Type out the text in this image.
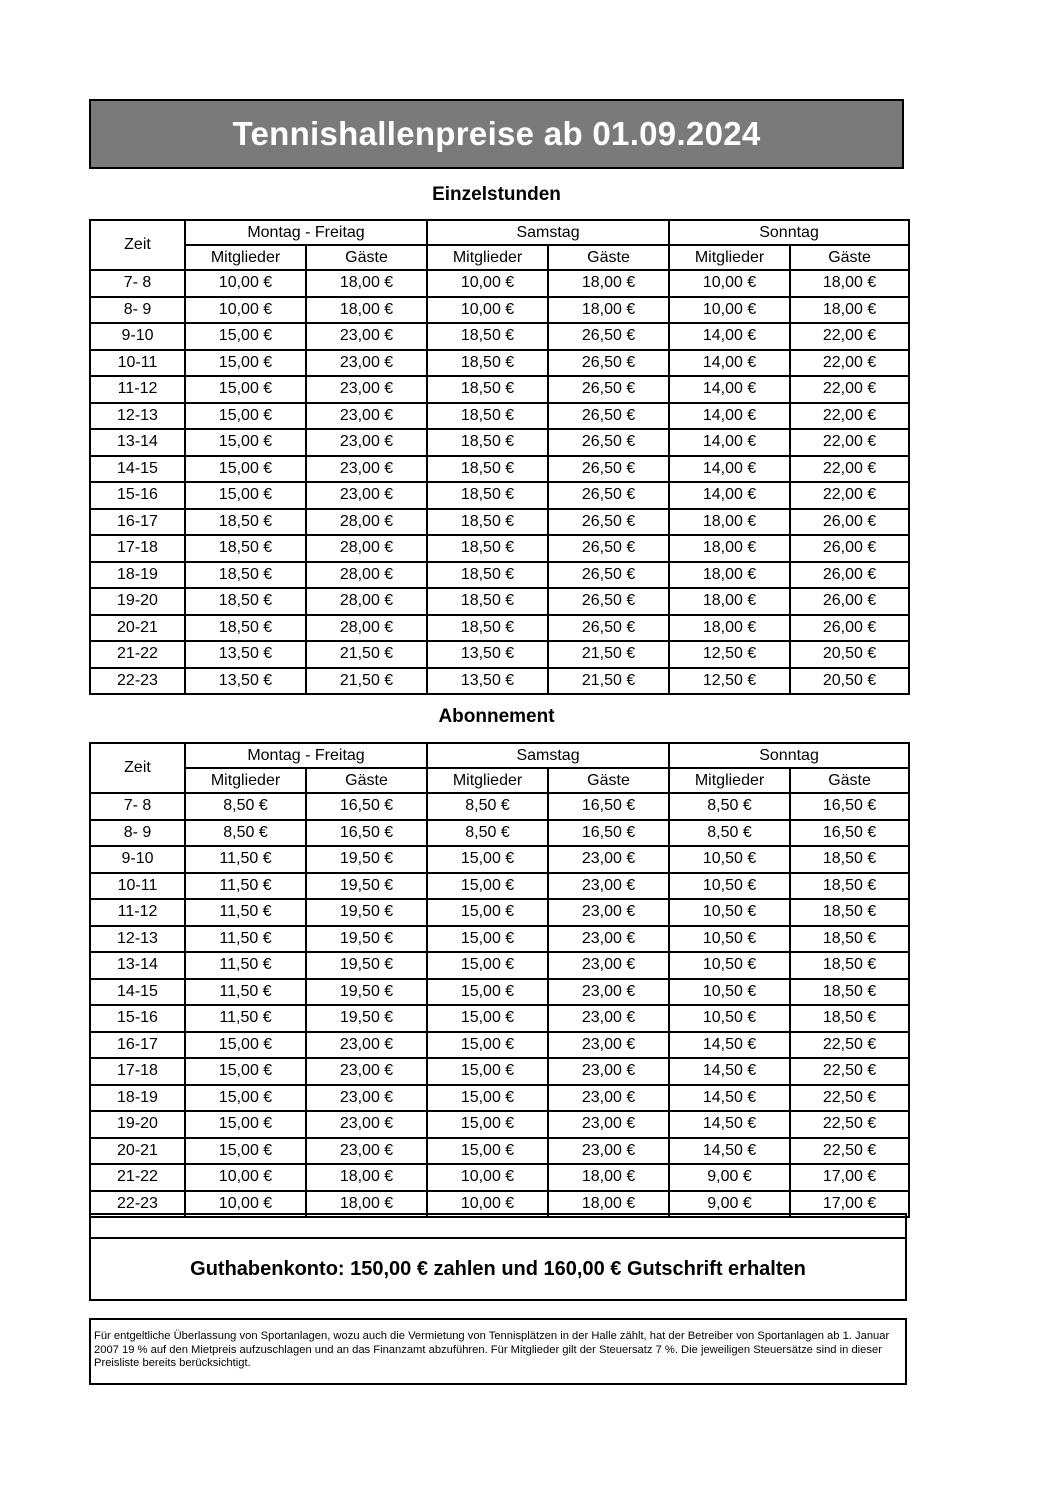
Tennishallenpreise ab 01.09.2024
Einzelstunden
Zeit	Montag - Freitag		Samstag		Sonntag	
	Mitglieder	Gäste	Mitglieder	Gäste	Mitglieder	Gäste
7- 8	10,00 €	18,00 €	10,00 €	18,00 €	10,00 €	18,00 €
8- 9	10,00 €	18,00 €	10,00 €	18,00 €	10,00 €	18,00 €
9-10	15,00 €	23,00 €	18,50 €	26,50 €	14,00 €	22,00 €
10-11	15,00 €	23,00 €	18,50 €	26,50 €	14,00 €	22,00 €
11-12	15,00 €	23,00 €	18,50 €	26,50 €	14,00 €	22,00 €
12-13	15,00 €	23,00 €	18,50 €	26,50 €	14,00 €	22,00 €
13-14	15,00 €	23,00 €	18,50 €	26,50 €	14,00 €	22,00 €
14-15	15,00 €	23,00 €	18,50 €	26,50 €	14,00 €	22,00 €
15-16	15,00 €	23,00 €	18,50 €	26,50 €	14,00 €	22,00 €
16-17	18,50 €	28,00 €	18,50 €	26,50 €	18,00 €	26,00 €
17-18	18,50 €	28,00 €	18,50 €	26,50 €	18,00 €	26,00 €
18-19	18,50 €	28,00 €	18,50 €	26,50 €	18,00 €	26,00 €
19-20	18,50 €	28,00 €	18,50 €	26,50 €	18,00 €	26,00 €
20-21	18,50 €	28,00 €	18,50 €	26,50 €	18,00 €	26,00 €
21-22	13,50 €	21,50 €	13,50 €	21,50 €	12,50 €	20,50 €
22-23	13,50 €	21,50 €	13,50 €	21,50 €	12,50 €	20,50 €
Abonnement
Zeit	Montag - Freitag		Samstag		Sonntag	
	Mitglieder	Gäste	Mitglieder	Gäste	Mitglieder	Gäste
7- 8	8,50 €	16,50 €	8,50 €	16,50 €	8,50 €	16,50 €
8- 9	8,50 €	16,50 €	8,50 €	16,50 €	8,50 €	16,50 €
9-10	11,50 €	19,50 €	15,00 €	23,00 €	10,50 €	18,50 €
10-11	11,50 €	19,50 €	15,00 €	23,00 €	10,50 €	18,50 €
11-12	11,50 €	19,50 €	15,00 €	23,00 €	10,50 €	18,50 €
12-13	11,50 €	19,50 €	15,00 €	23,00 €	10,50 €	18,50 €
13-14	11,50 €	19,50 €	15,00 €	23,00 €	10,50 €	18,50 €
14-15	11,50 €	19,50 €	15,00 €	23,00 €	10,50 €	18,50 €
15-16	11,50 €	19,50 €	15,00 €	23,00 €	10,50 €	18,50 €
16-17	15,00 €	23,00 €	15,00 €	23,00 €	14,50 €	22,50 €
17-18	15,00 €	23,00 €	15,00 €	23,00 €	14,50 €	22,50 €
18-19	15,00 €	23,00 €	15,00 €	23,00 €	14,50 €	22,50 €
19-20	15,00 €	23,00 €	15,00 €	23,00 €	14,50 €	22,50 €
20-21	15,00 €	23,00 €	15,00 €	23,00 €	14,50 €	22,50 €
21-22	10,00 €	18,00 €	10,00 €	18,00 €	9,00 €	17,00 €
22-23	10,00 €	18,00 €	10,00 €	18,00 €	9,00 €	17,00 €
Guthabenkonto: 150,00 € zahlen und 160,00 € Gutschrift erhalten
Für entgeltliche Überlassung von Sportanlagen, wozu auch die Vermietung von Tennisplätzen in der Halle zählt, hat der Betreiber von Sportanlagen ab 1. Januar 2007 19 % auf den Mietpreis aufzuschlagen und an das Finanzamt abzuführen. Für Mitglieder gilt der Steuersatz 7 %. Die jeweiligen Steuersätze sind in dieser Preisliste bereits berücksichtigt.
